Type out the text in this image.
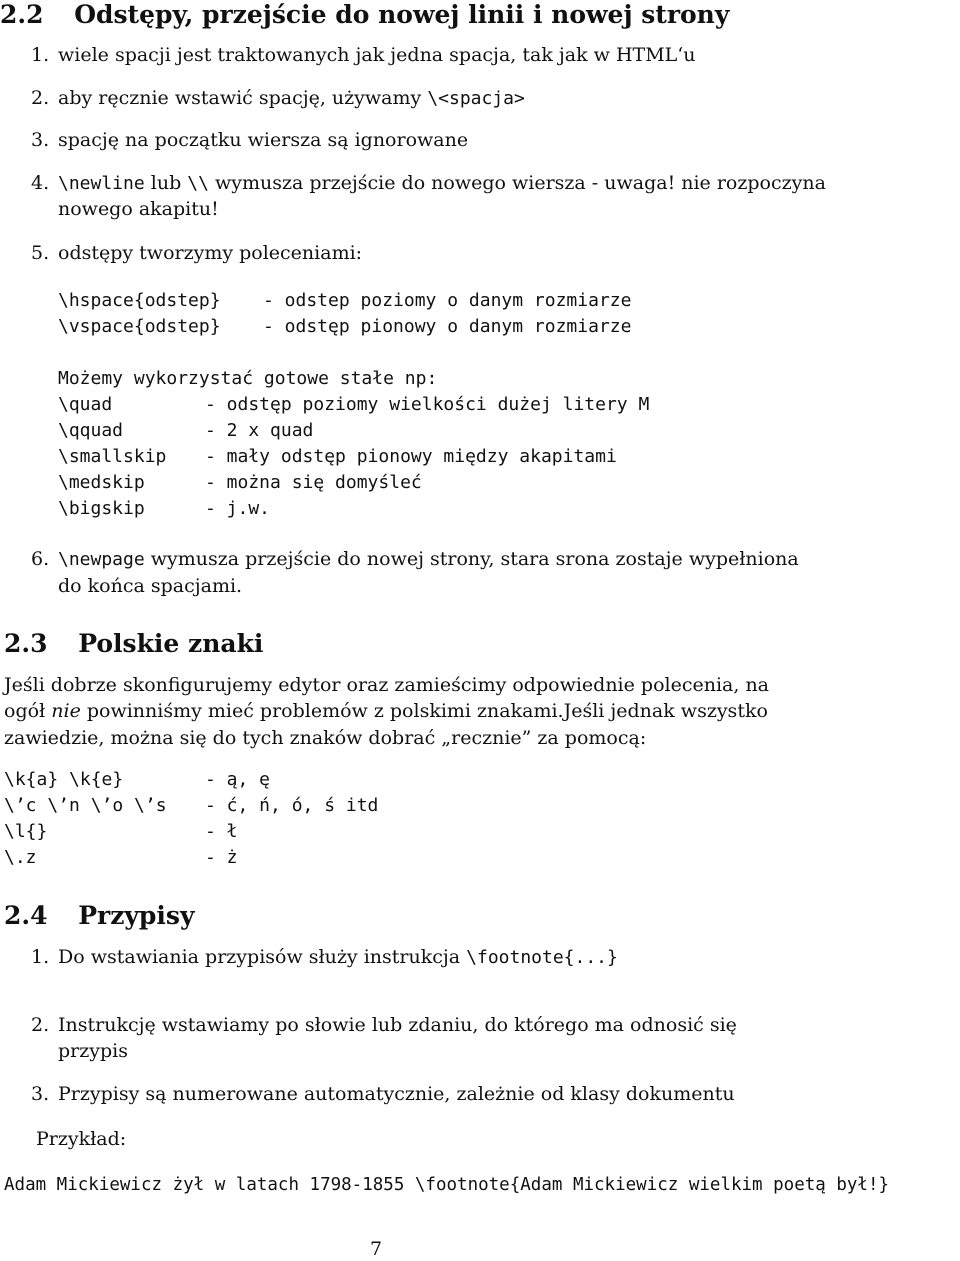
2.2 Odstępy, przejście do nowej linii i nowej strony
1. wiele spacji jest traktowanych jak jedna spacja, tak jak w HTML‘u
2. aby ręcznie wstawić spację, używamy \<spacja>
3. spację na początku wiersza są ignorowane
4. \newline lub \\ wymusza przejście do nowego wiersza - uwaga! nie rozpoczyna
nowego akapitu!
5. odstępy tworzymy poleceniami:
\hspace{odstep} - odstep poziomy o danym rozmiarze
\vspace{odstep} - odstęp pionowy o danym rozmiarze
Możemy wykorzystać gotowe stałe np:
\quad	- odstęp poziomy wielkości dużej litery M
\qquad	- 2 x quad
\smallskip - mały odstęp pionowy między akapitami
\medskip	- można się domyśleć
\bigskip	- j.w.
6. \newpage wymusza przejście do nowej strony, stara srona zostaje wypełniona
do końca spacjami.
2.3 Polskie znaki
Jeśli dobrze skonfigurujemy edytor oraz zamieścimy odpowiednie polecenia, na
ogół nie powinniśmy mieć problemów z polskimi znakami.Jeśli jednak wszystko
zawiedzie, można się do tych znaków dobrać „recznie” za pomocą:
\k{a} \k{e}	- ą, ę
\’c \’n \’o \’s - ć, ń, ó, ś itd
\l{}	- ł
\.z	- ż
2.4 Przypisy
1. Do wstawiania przypisów służy instrukcja \footnote{...}
2. Instrukcję wstawiamy po słowie lub zdaniu, do którego ma odnosić się
przypis
3. Przypisy są numerowane automatycznie, zależnie od klasy dokumentu
Przykład:
Adam Mickiewicz żył w latach 1798-1855 \footnote{Adam Mickiewicz wielkim poetą był!}
7
